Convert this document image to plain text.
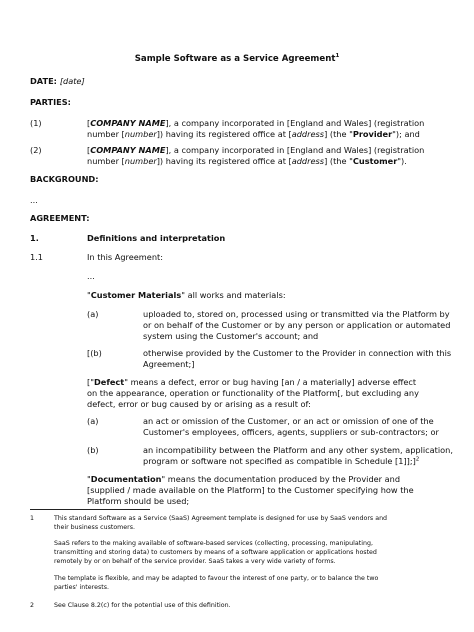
Sample Software as a Service Agreement$^1$
DATE: [date]
PARTIES:
(1)	[COMPANY NAME], a company incorporated in [England and Wales] (registration
number [number]) having its registered office at [address] (the "Provider"); and
(2)	[COMPANY NAME], a company incorporated in [England and Wales] (registration
number [number]) having its registered office at [address] (the "Customer").
BACKGROUND:
...
AGREEMENT:
1.	Definitions and interpretation
1.1	In this Agreement:
...
"Customer Materials" all works and materials:
(a)	uploaded to, stored on, processed using or transmitted via the Platform by
or on behalf of the Customer or by any person or application or automated
system using the Customer's account; and
[(b)	otherwise provided by the Customer to the Provider in connection with this
Agreement;]
["Defect" means a defect, error or bug having [an / a materially] adverse effect
on the appearance, operation or functionality of the Platform[, but excluding any
defect, error or bug caused by or arising as a result of:
(a)	an act or omission of the Customer, or an act or omission of one of the
Customer's employees, officers, agents, suppliers or sub-contractors; or
(b)	an incompatibility between the Platform and any other system, application,
program or software not specified as compatible in Schedule [1]];]$^2$
"Documentation" means the documentation produced by the Provider and
[supplied / made available on the Platform] to the Customer specifying how the
Platform should be used;
1	This standard Software as a Service (SaaS) Agreement template is designed for use by SaaS vendors and
their business customers.
SaaS refers to the making available of software-based services (collecting, processing, manipulating,
transmitting and storing data) to customers by means of a software application or applications hosted
remotely by or on behalf of the service provider. SaaS takes a very wide variety of forms.
The template is flexible, and may be adapted to favour the interest of one party, or to balance the two
parties' interests.
2	See Clause 8.2(c) for the potential use of this definition.
